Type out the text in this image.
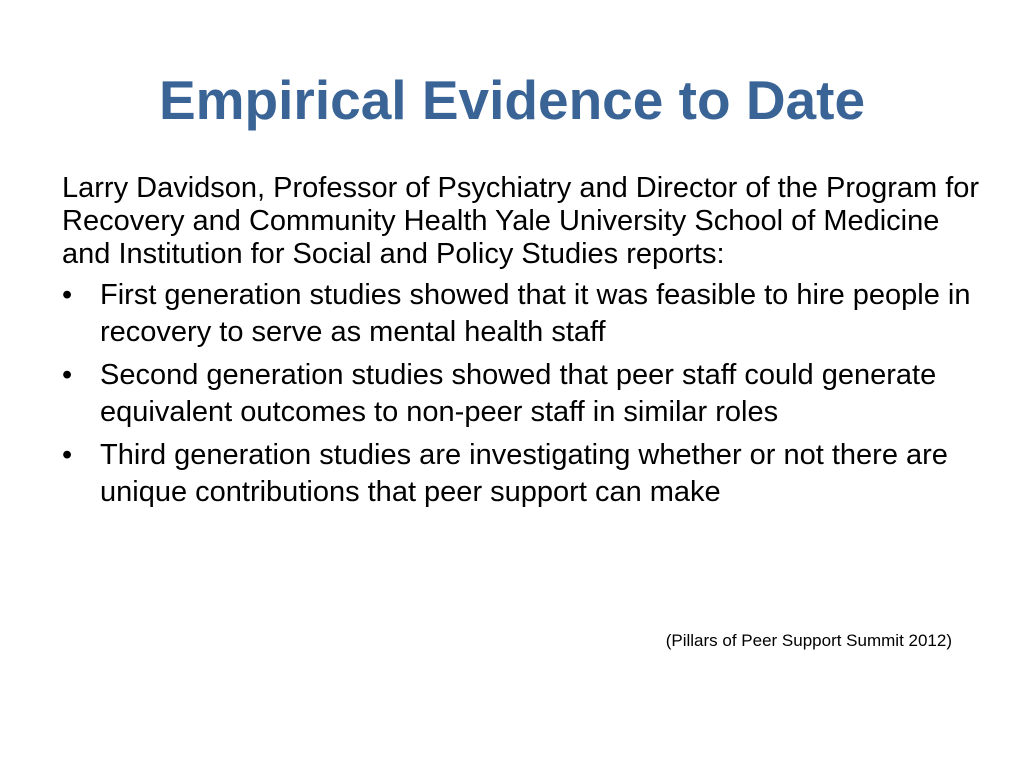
Empirical Evidence to Date

Larry Davidson, Professor of Psychiatry and Director of the Program for Recovery and Community Health Yale University School of Medicine and Institution for Social and Policy Studies reports:

• First generation studies showed that it was feasible to hire people in recovery to serve as mental health staff
• Second generation studies showed that peer staff could generate equivalent outcomes to non-peer staff in similar roles
• Third generation studies are investigating whether or not there are unique contributions that peer support can make
(Pillars of Peer Support Summit 2012)
